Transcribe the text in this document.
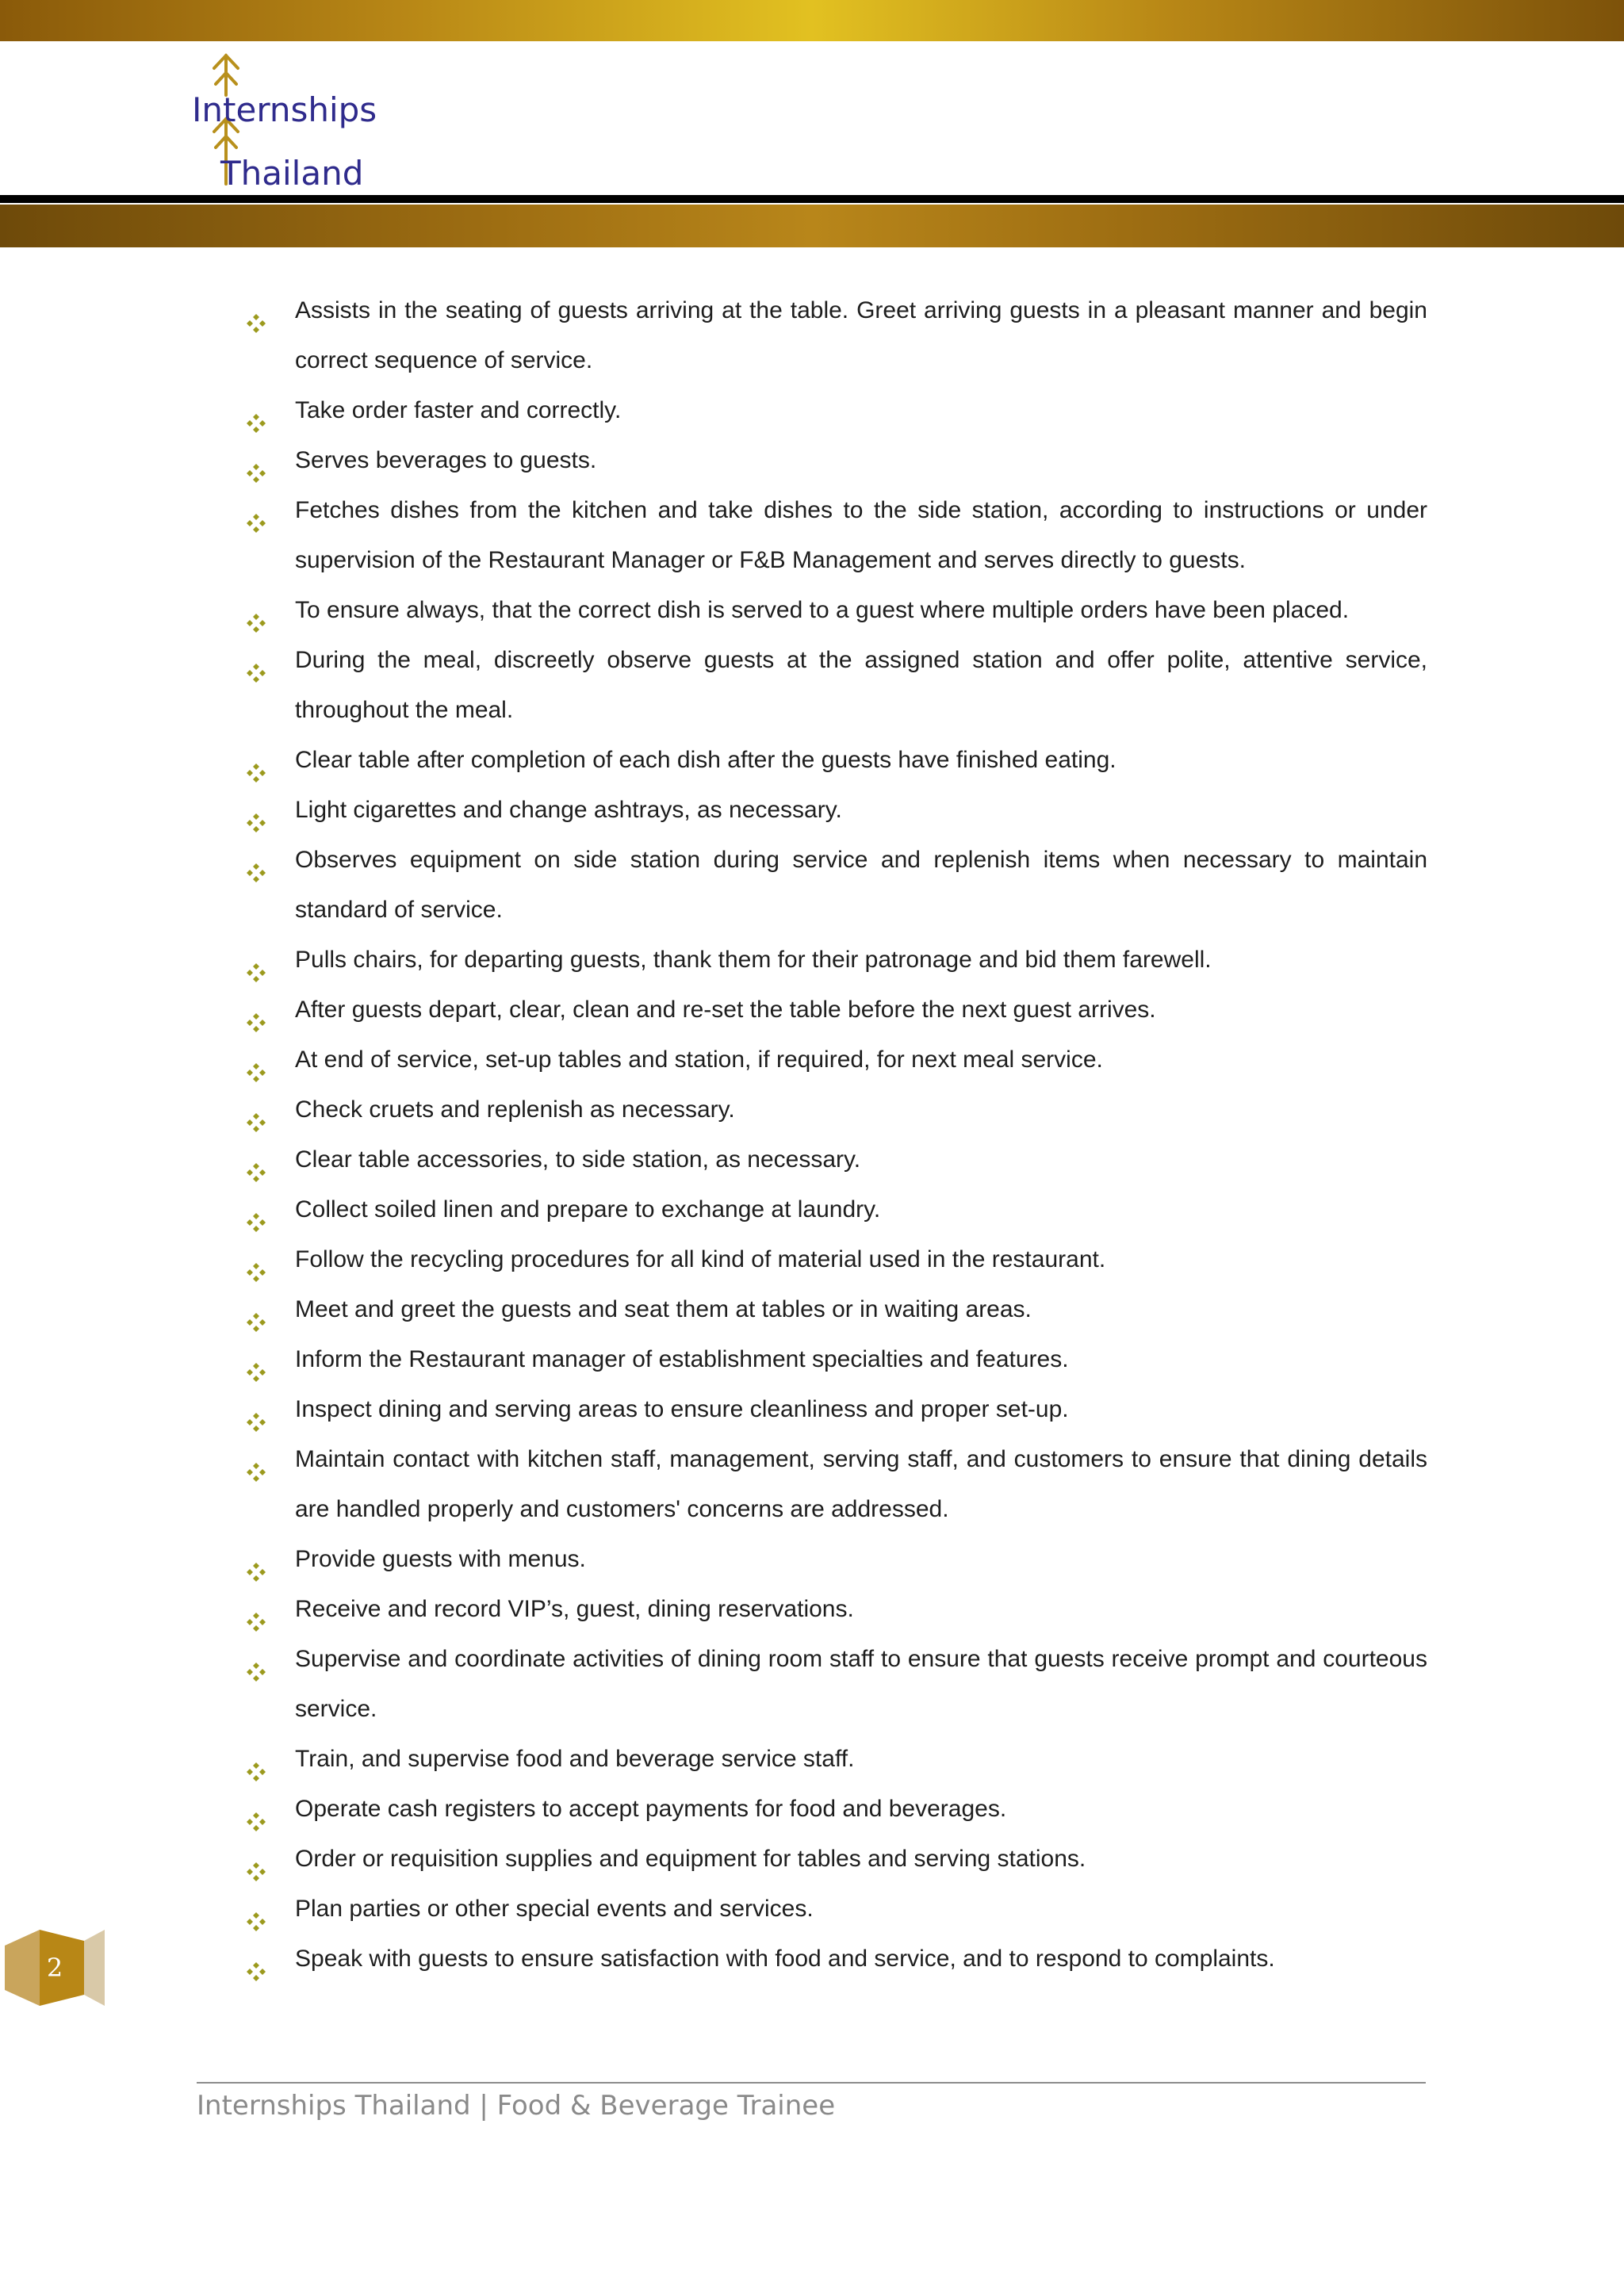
Internships
Thailand
Assists in the seating of guests arriving at the table. Greet arriving guests in a pleasant manner and begin correct sequence of service.
Take order faster and correctly.
Serves beverages to guests.
Fetches dishes from the kitchen and take dishes to the side station, according to instructions or under supervision of the Restaurant Manager or F&B Management and serves directly to guests.
To ensure always, that the correct dish is served to a guest where multiple orders have been placed.
During the meal, discreetly observe guests at the assigned station and offer polite, attentive service, throughout the meal.
Clear table after completion of each dish after the guests have finished eating.
Light cigarettes and change ashtrays, as necessary.
Observes equipment on side station during service and replenish items when necessary to maintain standard of service.
Pulls chairs, for departing guests, thank them for their patronage and bid them farewell.
After guests depart, clear, clean and re-set the table before the next guest arrives.
At end of service, set-up tables and station, if required, for next meal service.
Check cruets and replenish as necessary.
Clear table accessories, to side station, as necessary.
Collect soiled linen and prepare to exchange at laundry.
Follow the recycling procedures for all kind of material used in the restaurant.
Meet and greet the guests and seat them at tables or in waiting areas.
Inform the Restaurant manager of establishment specialties and features.
Inspect dining and serving areas to ensure cleanliness and proper set-up.
Maintain contact with kitchen staff, management, serving staff, and customers to ensure that dining details are handled properly and customers' concerns are addressed.
Provide guests with menus.
Receive and record VIP’s, guest, dining reservations.
Supervise and coordinate activities of dining room staff to ensure that guests receive prompt and courteous service.
Train, and supervise food and beverage service staff.
Operate cash registers to accept payments for food and beverages.
Order or requisition supplies and equipment for tables and serving stations.
Plan parties or other special events and services.
Speak with guests to ensure satisfaction with food and service, and to respond to complaints.
2
Internships Thailand | Food & Beverage Trainee
